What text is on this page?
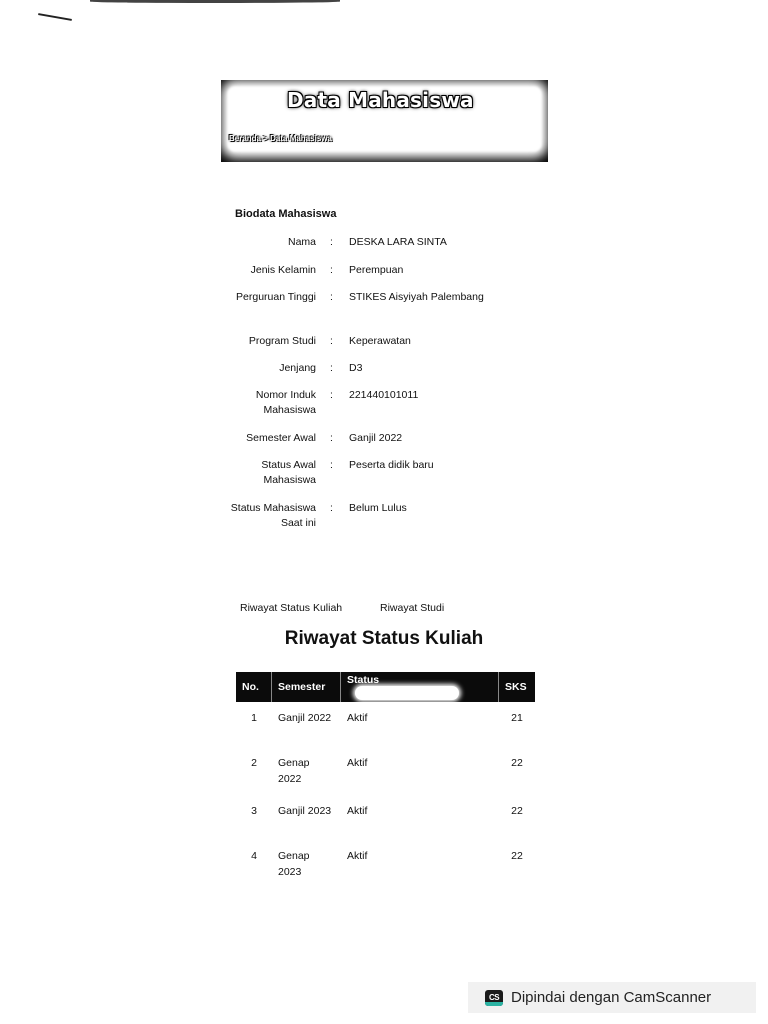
Data Mahasiswa
Beranda > Data Mahasiswa
Biodata Mahasiswa
Nama : DESKA LARA SINTA
Jenis Kelamin : Perempuan
Perguruan Tinggi : STIKES Aisyiyah Palembang
Program Studi : Keperawatan
Jenjang : D3
Nomor Induk Mahasiswa
: 221440101011
Semester Awal : Ganjil 2022
Status Awal Mahasiswa
: Peserta didik baru
Status Mahasiswa Saat ini
: Belum Lulus
Riwayat Status Kuliah	Riwayat Studi
Riwayat Status Kuliah
No.	Semester	Status	SKS
1	Ganjil 2022	Aktif	21
2	Genap 2022	Aktif	22
3	Ganjil 2023	Aktif	22
4	Genap 2023	Aktif	22
CS Dipindai dengan CamScanner
